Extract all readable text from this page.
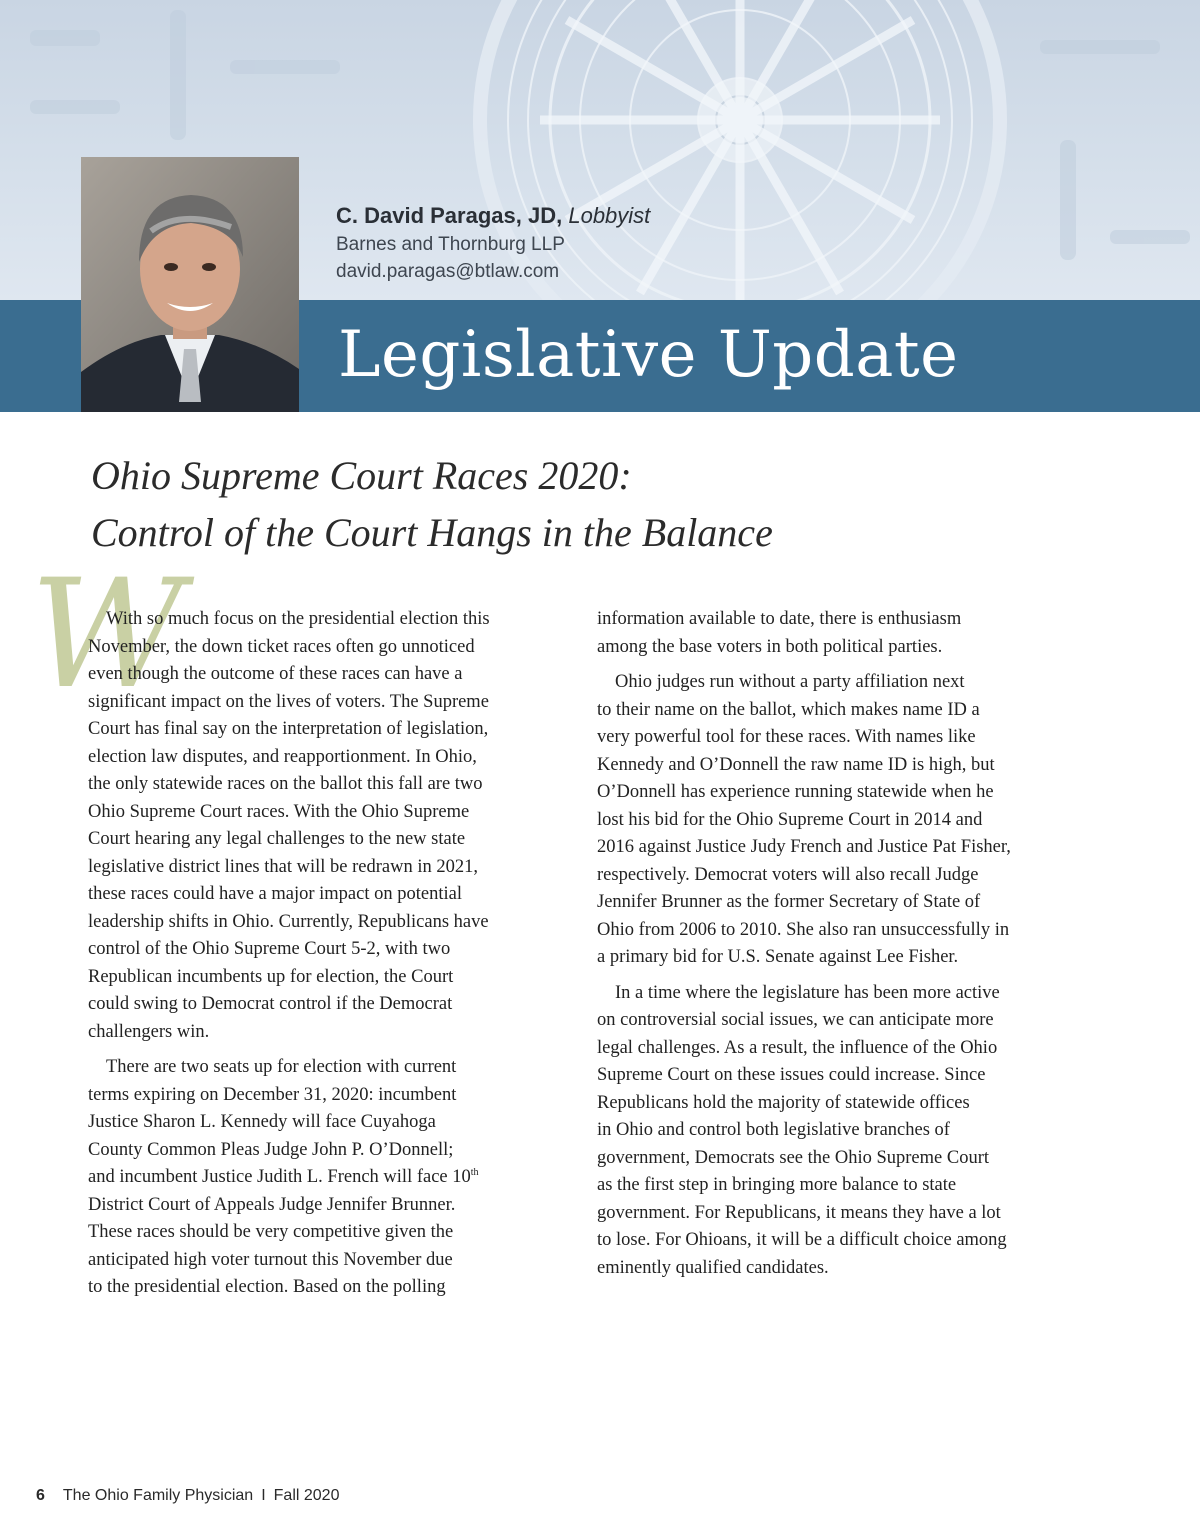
Legislative Update
C. David Paragas, JD, Lobbyist
Barnes and Thornburg LLP
david.paragas@btlaw.com
Ohio Supreme Court Races 2020:
Control of the Court Hangs in the Balance
W

With so much focus on the presidential election this
November, the down ticket races often go unnoticed
even though the outcome of these races can have a
significant impact on the lives of voters. The Supreme
Court has final say on the interpretation of legislation,
election law disputes, and reapportionment. In Ohio,
the only statewide races on the ballot this fall are two
Ohio Supreme Court races. With the Ohio Supreme
Court hearing any legal challenges to the new state
legislative district lines that will be redrawn in 2021,
these races could have a major impact on potential
leadership shifts in Ohio. Currently, Republicans have
control of the Ohio Supreme Court 5-2, with two
Republican incumbents up for election, the Court
could swing to Democrat control if the Democrat
challengers win.

There are two seats up for election with current
terms expiring on December 31, 2020: incumbent
Justice Sharon L. Kennedy will face Cuyahoga
County Common Pleas Judge John P. O’Donnell;
and incumbent Justice Judith L. French will face 10th
District Court of Appeals Judge Jennifer Brunner.
These races should be very competitive given the
anticipated high voter turnout this November due
to the presidential election. Based on the polling

information available to date, there is enthusiasm
among the base voters in both political parties.

Ohio judges run without a party affiliation next
to their name on the ballot, which makes name ID a
very powerful tool for these races. With names like
Kennedy and O’Donnell the raw name ID is high, but
O’Donnell has experience running statewide when he
lost his bid for the Ohio Supreme Court in 2014 and
2016 against Justice Judy French and Justice Pat Fisher,
respectively. Democrat voters will also recall Judge
Jennifer Brunner as the former Secretary of State of
Ohio from 2006 to 2010. She also ran unsuccessfully in
a primary bid for U.S. Senate against Lee Fisher.

In a time where the legislature has been more active
on controversial social issues, we can anticipate more
legal challenges. As a result, the influence of the Ohio
Supreme Court on these issues could increase. Since
Republicans hold the majority of statewide offices
in Ohio and control both legislative branches of
government, Democrats see the Ohio Supreme Court
as the first step in bringing more balance to state
government. For Republicans, it means they have a lot
to lose. For Ohioans, it will be a difficult choice among
eminently qualified candidates.

6 The Ohio Family Physician I Fall 2020
